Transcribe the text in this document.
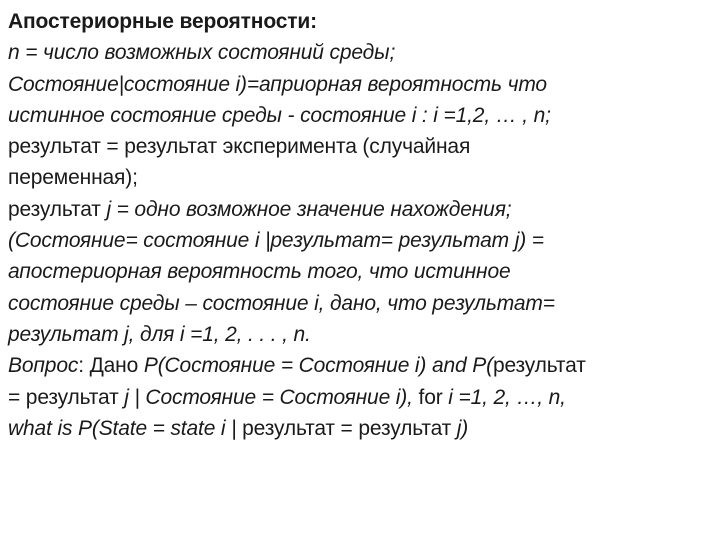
Апостериорные вероятности:
n = число возможных состояний среды;
Состояние|состояние i)=априорная вероятность что
истинное состояние среды - состояние i : i =1,2, … , n;
результат = результат эксперимента (случайная
переменная);
результат j = одно возможное значение нахождения;
(Состояние= состояние i |результат= результат j) =
апостериорная вероятность того, что истинное
состояние среды – состояние i, дано, что результат=
результат j, для i =1, 2, . . . , n.
Вопрос: Дано P(Состояние = Состояние i) and P(результат
= результат j | Состояние = Состояние i), for i =1, 2, …, n,
what is P(State = state i | результат = результат j)
